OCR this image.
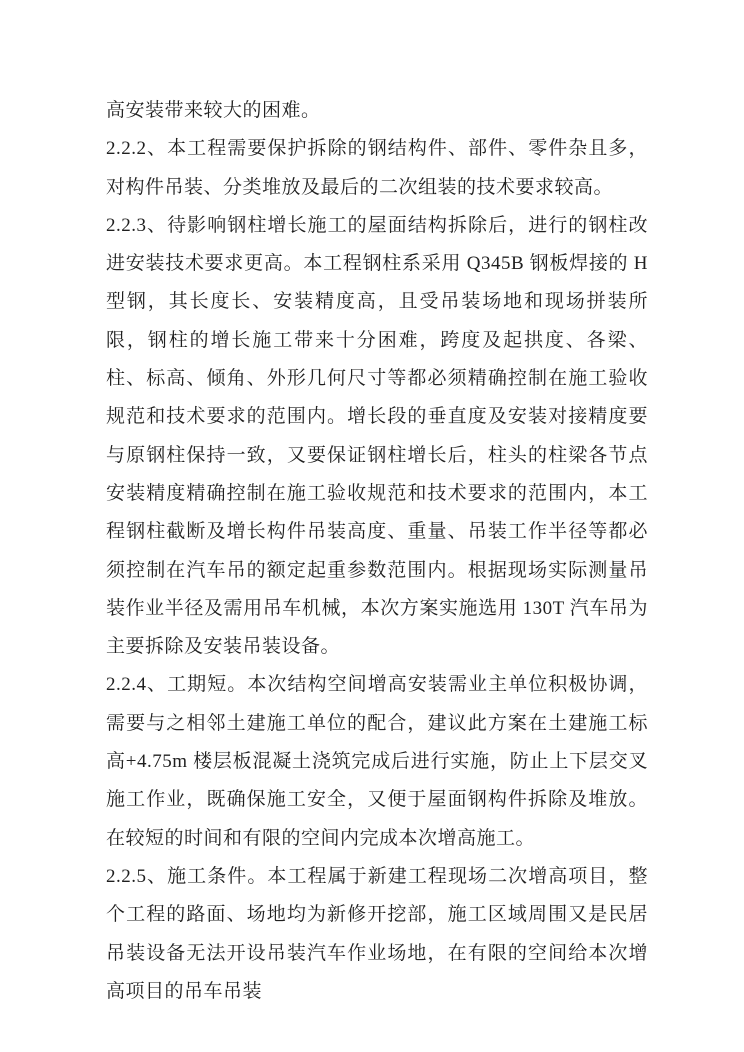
高安装带来较大的困难。

2.2.2、本工程需要保护拆除的钢结构件、部件、零件杂且多，对构件吊装、分类堆放及最后的二次组装的技术要求较高。

2.2.3、待影响钢柱增长施工的屋面结构拆除后，进行的钢柱改进安装技术要求更高。本工程钢柱系采用 Q345B 钢板焊接的 H 型钢，其长度长、安装精度高，且受吊装场地和现场拼装所限，钢柱的增长施工带来十分困难，跨度及起拱度、各梁、柱、标高、倾角、外形几何尺寸等都必须精确控制在施工验收规范和技术要求的范围内。增长段的垂直度及安装对接精度要与原钢柱保持一致，又要保证钢柱增长后，柱头的柱梁各节点安装精度精确控制在施工验收规范和技术要求的范围内，本工程钢柱截断及增长构件吊装高度、重量、吊装工作半径等都必须控制在汽车吊的额定起重参数范围内。根据现场实际测量吊装作业半径及需用吊车机械，本次方案实施选用 130T 汽车吊为主要拆除及安装吊装设备。

2.2.4、工期短。本次结构空间增高安装需业主单位积极协调，需要与之相邻土建施工单位的配合，建议此方案在土建施工标高+4.75m 楼层板混凝土浇筑完成后进行实施，防止上下层交叉施工作业，既确保施工安全，又便于屋面钢构件拆除及堆放。在较短的时间和有限的空间内完成本次增高施工。

2.2.5、施工条件。本工程属于新建工程现场二次增高项目，整个工程的路面、场地均为新修开挖部，施工区域周围又是民居吊装设备无法开设吊装汽车作业场地，在有限的空间给本次增高项目的吊车吊装
